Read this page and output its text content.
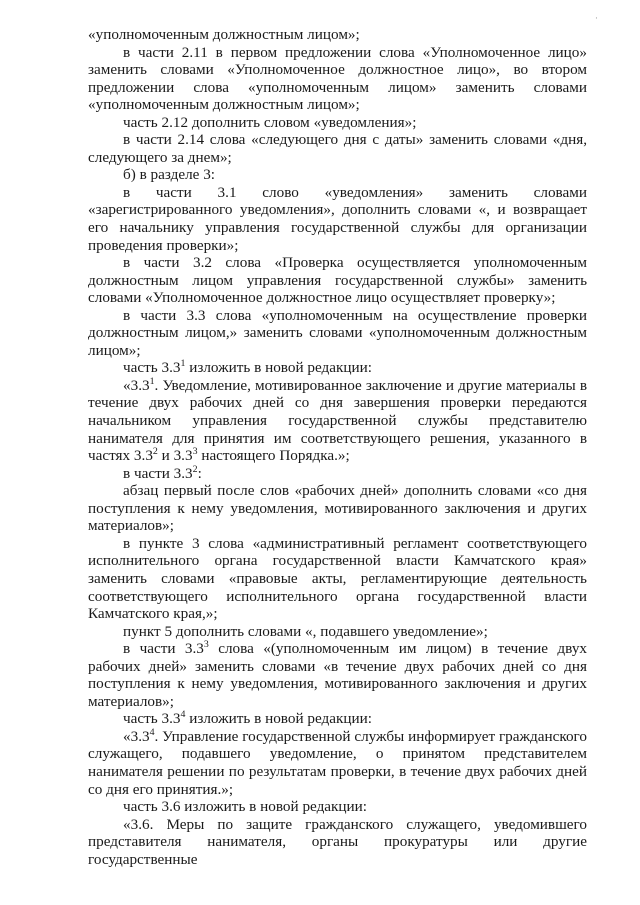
·

«уполномоченным должностным лицом»;

в части 2.11 в первом предложении слова «Уполномоченное лицо» заменить словами «Уполномоченное должностное лицо», во втором предложении слова «уполномоченным лицом» заменить словами «уполномоченным должностным лицом»;

часть 2.12 дополнить словом «уведомления»;

в части 2.14 слова «следующего дня с даты» заменить словами «дня, следующего за днем»;

б) в разделе 3:

в части 3.1 слово «уведомления» заменить словами «зарегистрированного уведомления», дополнить словами «, и возвращает его начальнику управления государственной службы для организации проведения проверки»;

в части 3.2 слова «Проверка осуществляется уполномоченным должностным лицом управления государственной службы» заменить словами «Уполномоченное должностное лицо осуществляет проверку»;

в части 3.3 слова «уполномоченным на осуществление проверки должностным лицом,» заменить словами «уполномоченным должностным лицом»;

часть $3.3^1$ изложить в новой редакции:

«$3.3^1$. Уведомление, мотивированное заключение и другие материалы в течение двух рабочих дней со дня завершения проверки передаются начальником управления государственной службы представителю нанимателя для принятия им соответствующего решения, указанного в частях $3.3^2$ и $3.3^3$ настоящего Порядка.»;

в части $3.3^2$:

абзац первый после слов «рабочих дней» дополнить словами «со дня поступления к нему уведомления, мотивированного заключения и других материалов»;

в пункте 3 слова «административный регламент соответствующего исполнительного органа государственной власти Камчатского края» заменить словами «правовые акты, регламентирующие деятельность соответствующего исполнительного органа государственной власти Камчатского края,»;

пункт 5 дополнить словами «, подавшего уведомление»;

в части $3.3^3$ слова «(уполномоченным им лицом) в течение двух рабочих дней» заменить словами «в течение двух рабочих дней со дня поступления к нему уведомления, мотивированного заключения и других материалов»;

часть $3.3^4$ изложить в новой редакции:

«$3.3^4$. Управление государственной службы информирует гражданского служащего, подавшего уведомление, о принятом представителем нанимателя решении по результатам проверки, в течение двух рабочих дней со дня его принятия.»;

часть 3.6 изложить в новой редакции:

«3.6. Меры по защите гражданского служащего, уведомившего представителя нанимателя, органы прокуратуры или другие государственные
